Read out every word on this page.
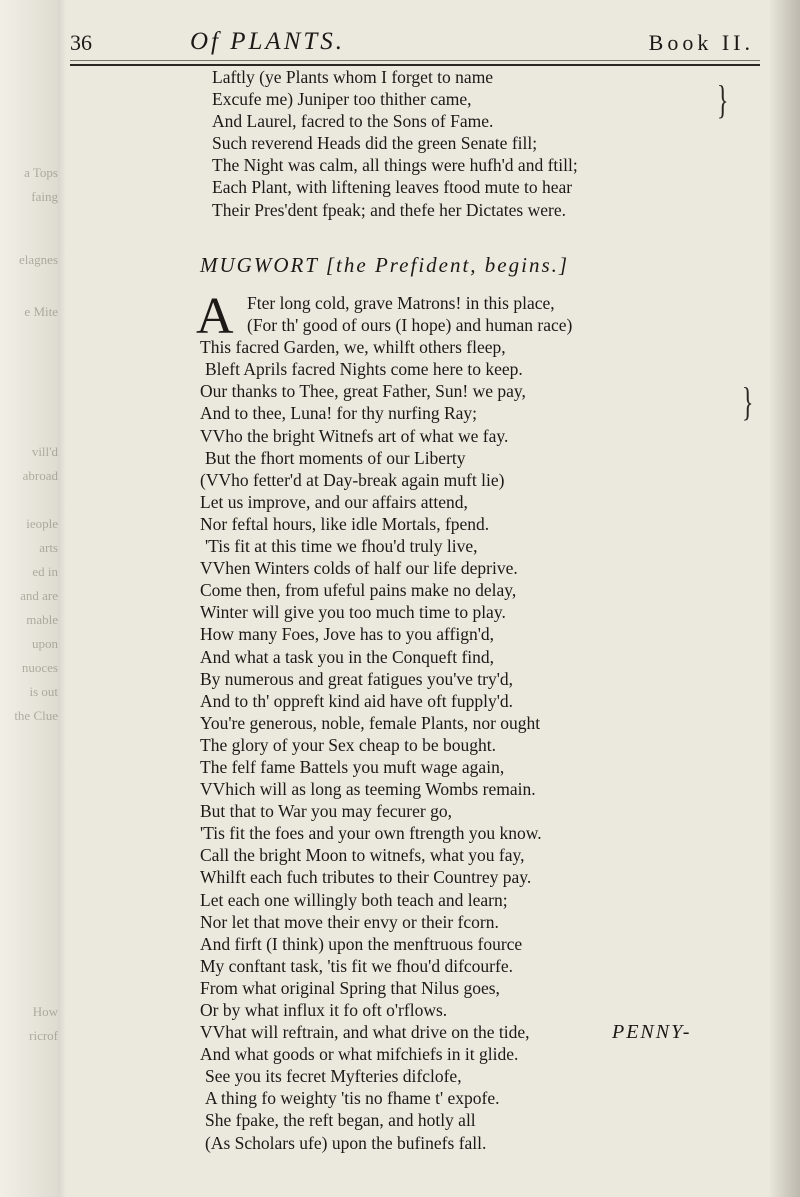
a Tops
faing
elagnes
e Mite
vill'd
abroad
ieople
arts
ed in
and are
mable
upon
nuoces
is out
the Clue
How
ricrof
36	Of PLANTS.	Book II.
Laftly (ye Plants whom I forget to name
Excufe me) Juniper too thither came,
And Laurel, facred to the Sons of Fame.
Such reverend Heads did the green Senate fill;
The Night was calm, all things were hufh'd and ftill;
Each Plant, with liftening leaves ftood mute to hear
Their Pres'dent fpeak; and thefe her Dictates were.
}
MUGWORT [the Prefident, begins.]
A Fter long cold, grave Matrons! in this place,
(For th' good of ours (I hope) and human race)
This facred Garden, we, whilft others fleep,
Bleft Aprils facred Nights come here to keep.
Our thanks to Thee, great Father, Sun! we pay,
And to thee, Luna! for thy nurfing Ray;
VVho the bright Witnefs art of what we fay.
But the fhort moments of our Liberty
(VVho fetter'd at Day-break again muft lie)
Let us improve, and our affairs attend,
Nor feftal hours, like idle Mortals, fpend.
'Tis fit at this time we fhou'd truly live,
VVhen Winters colds of half our life deprive.
Come then, from ufeful pains make no delay,
Winter will give you too much time to play.
How many Foes, Jove has to you affign'd,
And what a task you in the Conqueft find,
By numerous and great fatigues you've try'd,
And to th' oppreft kind aid have oft fupply'd.
You're generous, noble, female Plants, nor ought
The glory of your Sex cheap to be bought.
The felf fame Battels you muft wage again,
VVhich will as long as teeming Wombs remain.
But that to War you may fecurer go,
'Tis fit the foes and your own ftrength you know.
Call the bright Moon to witnefs, what you fay,
Whilft each fuch tributes to their Countrey pay.
Let each one willingly both teach and learn;
Nor let that move their envy or their fcorn.
And firft (I think) upon the menftruous fource
My conftant task, 'tis fit we fhou'd difcourfe.
From what original Spring that Nilus goes,
Or by what influx it fo oft o'rflows.
VVhat will reftrain, and what drive on the tide,
And what goods or what mifchiefs in it glide.
See you its fecret Myfteries difclofe,
A thing fo weighty 'tis no fhame t' expofe.
She fpake, the reft began, and hotly all
(As Scholars ufe) upon the bufinefs fall.
}
PENNY-
